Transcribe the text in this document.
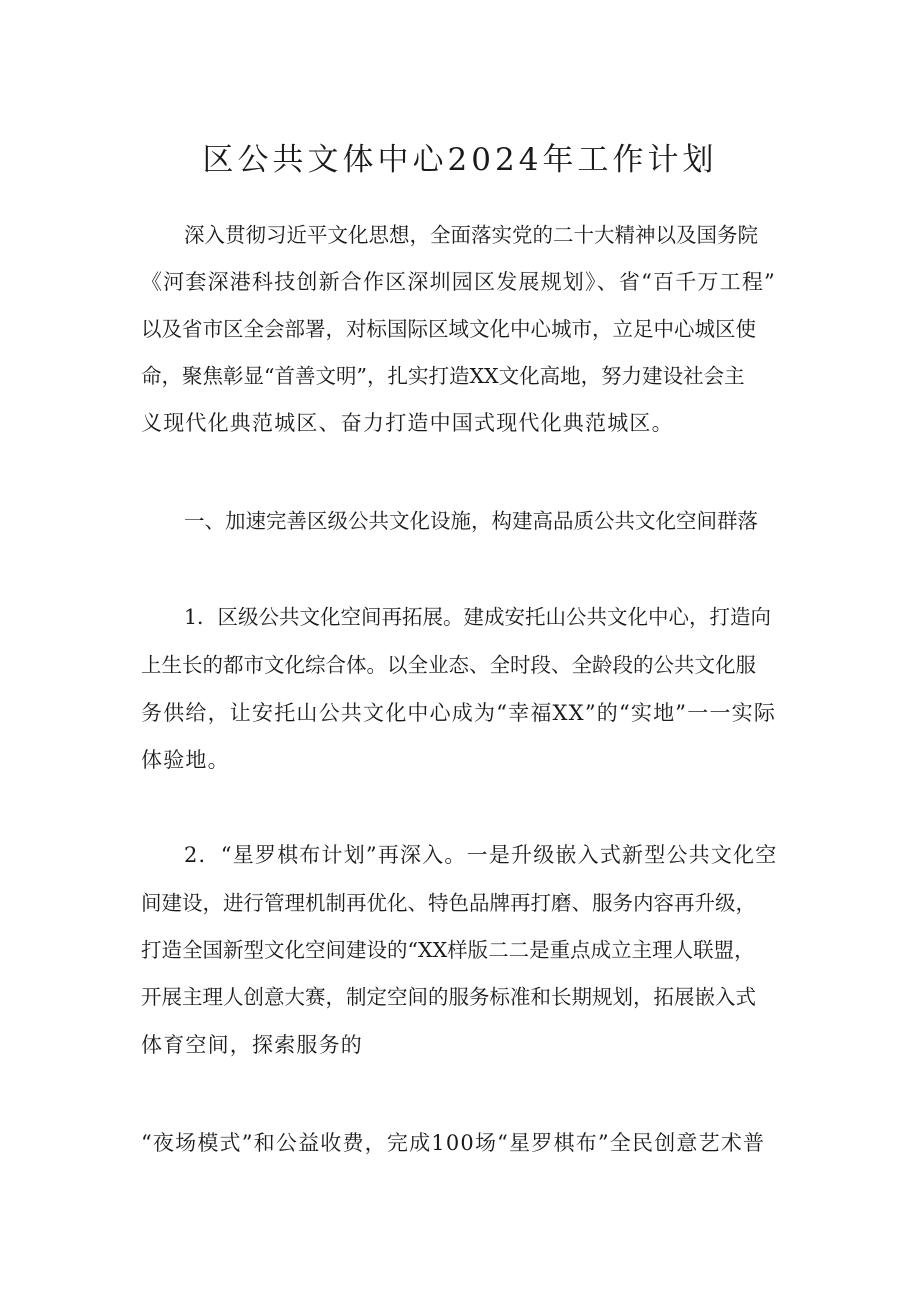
区公共文体中心2024年工作计划
深入贯彻习近平文化思想，全面落实党的二十大精神以及国务院
《河套深港科技创新合作区深圳园区发展规划》、省“百千万工程”
以及省市区全会部署，对标国际区域文化中心城市，立足中心城区使
命，聚焦彰显“首善文明”，扎实打造XX文化高地，努力建设社会主
义现代化典范城区、奋力打造中国式现代化典范城区。
一、加速完善区级公共文化设施，构建高品质公共文化空间群落
1．区级公共文化空间再拓展。建成安托山公共文化中心，打造向
上生长的都市文化综合体。以全业态、全时段、全龄段的公共文化服
务供给，让安托山公共文化中心成为“幸福XX”的“实地”一一实际
体验地。
2．“星罗棋布计划”再深入。一是升级嵌入式新型公共文化空
间建设，进行管理机制再优化、特色品牌再打磨、服务内容再升级，
打造全国新型文化空间建设的“XX样版二二是重点成立主理人联盟，
开展主理人创意大赛，制定空间的服务标准和长期规划，拓展嵌入式
体育空间，探索服务的
“夜场模式”和公益收费，完成100场“星罗棋布”全民创意艺术普
